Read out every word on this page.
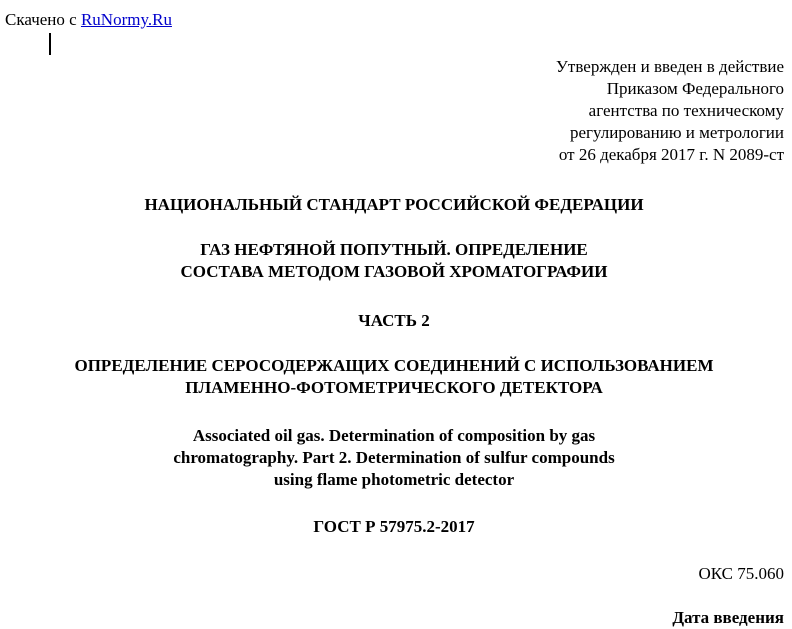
Скачено с RuNormy.Ru
Утвержден и введен в действие
Приказом Федерального
агентства по техническому
регулированию и метрологии
от 26 декабря 2017 г. N 2089-ст
НАЦИОНАЛЬНЫЙ СТАНДАРТ РОССИЙСКОЙ ФЕДЕРАЦИИ
ГАЗ НЕФТЯНОЙ ПОПУТНЫЙ. ОПРЕДЕЛЕНИЕ
СОСТАВА МЕТОДОМ ГАЗОВОЙ ХРОМАТОГРАФИИ
ЧАСТЬ 2
ОПРЕДЕЛЕНИЕ СЕРОСОДЕРЖАЩИХ СОЕДИНЕНИЙ С ИСПОЛЬЗОВАНИЕМ
ПЛАМЕННО-ФОТОМЕТРИЧЕСКОГО ДЕТЕКТОРА
Associated oil gas. Determination of composition by gas
chromatography. Part 2. Determination of sulfur compounds
using flame photometric detector
ГОСТ Р 57975.2-2017
ОКС 75.060
Дата введения
